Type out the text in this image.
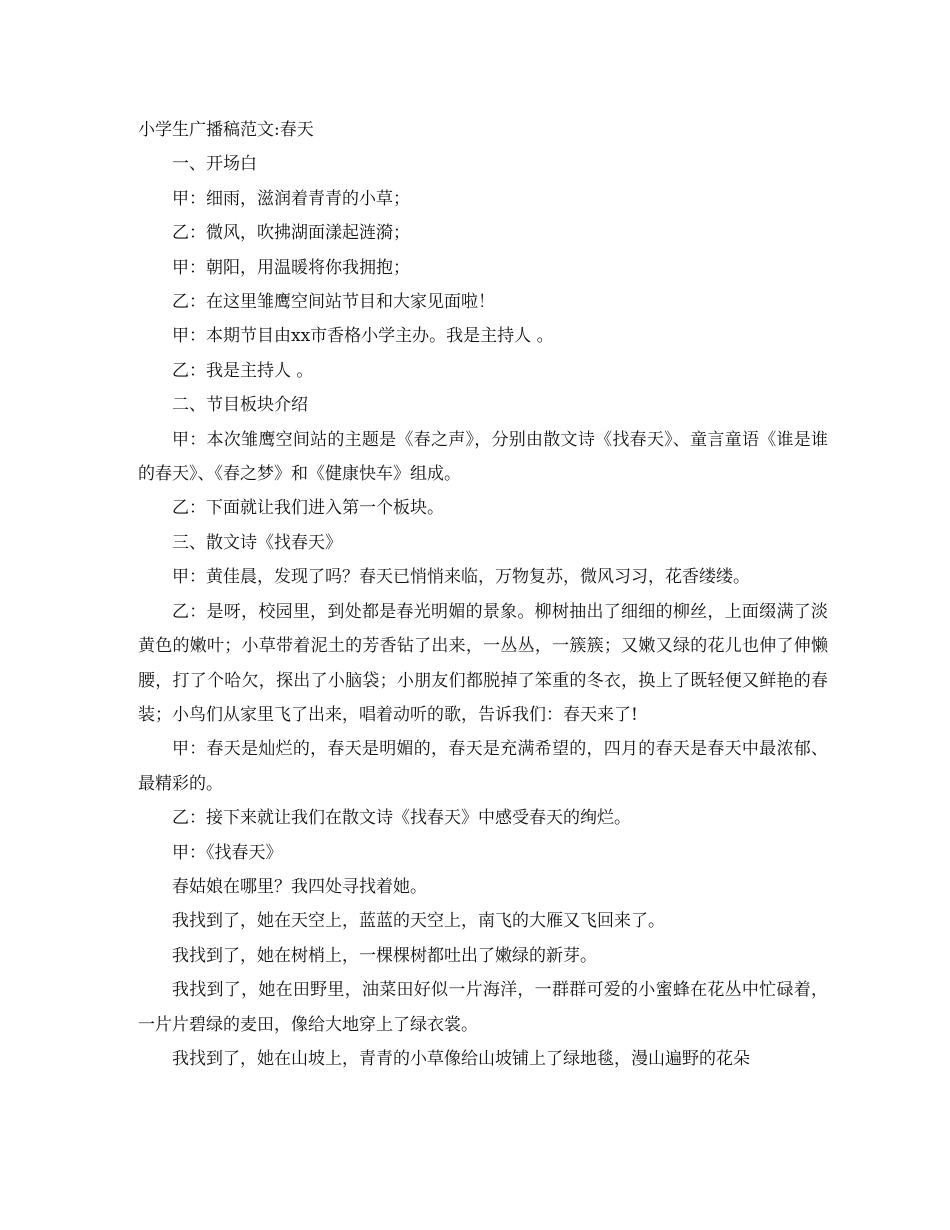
小学生广播稿范文:春天

一、开场白

甲：细雨，滋润着青青的小草；

乙：微风，吹拂湖面漾起涟漪；

甲：朝阳，用温暖将你我拥抱；

乙：在这里雏鹰空间站节目和大家见面啦！

甲：本期节目由xx市香格小学主办。我是主持人 。

乙：我是主持人 。

二、节目板块介绍

甲：本次雏鹰空间站的主题是《春之声》，分别由散文诗《找春天》、童言童语《谁是谁的春天》、《春之梦》和《健康快车》组成。

乙：下面就让我们进入第一个板块。

三、散文诗《找春天》

甲：黄佳晨，发现了吗？春天已悄悄来临，万物复苏，微风习习，花香缕缕。

乙：是呀，校园里，到处都是春光明媚的景象。柳树抽出了细细的柳丝，上面缀满了淡黄色的嫩叶；小草带着泥土的芳香钻了出来，一丛丛，一簇簇；又嫩又绿的花儿也伸了伸懒腰，打了个哈欠，探出了小脑袋；小朋友们都脱掉了笨重的冬衣，换上了既轻便又鲜艳的春装；小鸟们从家里飞了出来，唱着动听的歌，告诉我们：春天来了!

甲：春天是灿烂的，春天是明媚的，春天是充满希望的，四月的春天是春天中最浓郁、最精彩的。

乙：接下来就让我们在散文诗《找春天》中感受春天的绚烂。

甲：《找春天》

春姑娘在哪里？我四处寻找着她。

我找到了，她在天空上，蓝蓝的天空上，南飞的大雁又飞回来了。

我找到了，她在树梢上，一棵棵树都吐出了嫩绿的新芽。

我找到了，她在田野里，油菜田好似一片海洋，一群群可爱的小蜜蜂在花丛中忙碌着，一片片碧绿的麦田，像给大地穿上了绿衣裳。

我找到了，她在山坡上，青青的小草像给山坡铺上了绿地毯，漫山遍野的花朵
